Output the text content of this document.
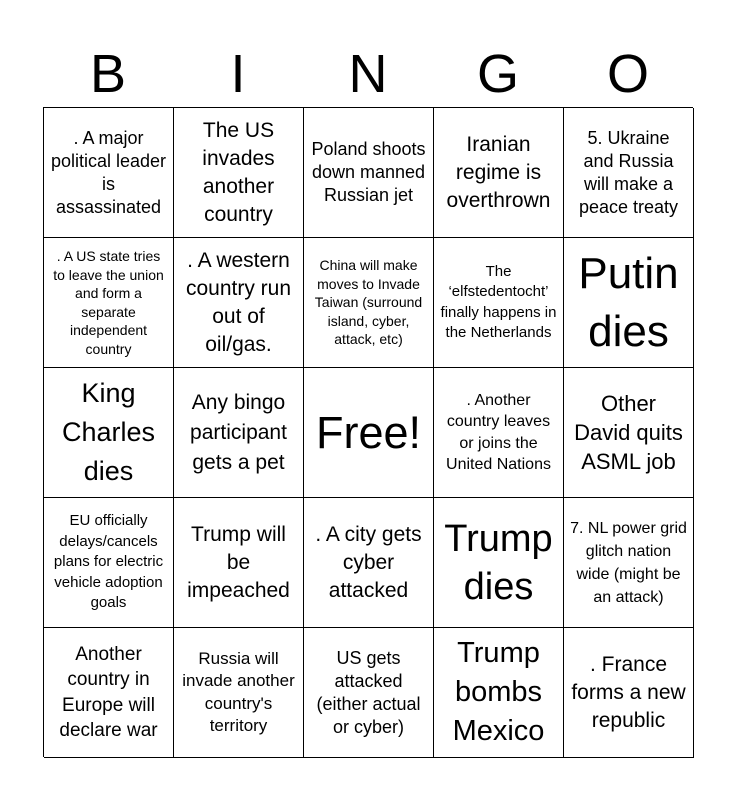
B	I	N	G	O
. A major political leader is assassinated
The US invades another country
Poland shoots down manned Russian jet
Iranian regime is overthrown
5. Ukraine and Russia will make a peace treaty
. A US state tries to leave the union and form a separate independent country
. A western country run out of oil/gas.
China will make moves to Invade Taiwan (surround island, cyber, attack, etc)
The ‘elfstedentocht’ finally happens in the Netherlands
Putin dies
King Charles dies
Any bingo participant gets a pet
Free!
. Another country leaves or joins the United Nations
Other David quits ASML job
EU officially delays/cancels plans for electric vehicle adoption goals
Trump will be impeached
. A city gets cyber attacked
Trump dies
7. NL power grid glitch nation wide (might be an attack)
Another country in Europe will declare war
Russia will invade another country's territory
US gets attacked (either actual or cyber)
Trump bombs Mexico
. France forms a new republic
